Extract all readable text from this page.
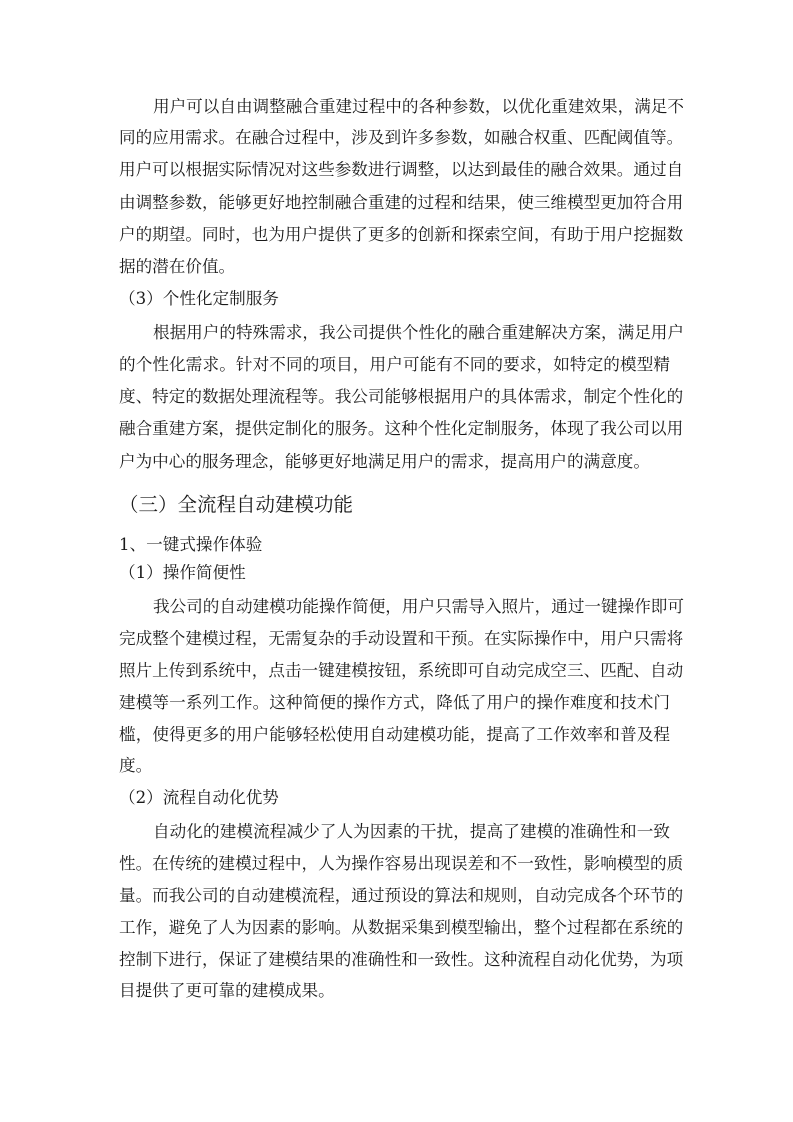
用户可以自由调整融合重建过程中的各种参数，以优化重建效果，满足不
同的应用需求。在融合过程中，涉及到许多参数，如融合权重、匹配阈值等。
用户可以根据实际情况对这些参数进行调整，以达到最佳的融合效果。通过自
由调整参数，能够更好地控制融合重建的过程和结果，使三维模型更加符合用
户的期望。同时，也为用户提供了更多的创新和探索空间，有助于用户挖掘数
据的潜在价值。
（3）个性化定制服务
根据用户的特殊需求，我公司提供个性化的融合重建解决方案，满足用户
的个性化需求。针对不同的项目，用户可能有不同的要求，如特定的模型精
度、特定的数据处理流程等。我公司能够根据用户的具体需求，制定个性化的
融合重建方案，提供定制化的服务。这种个性化定制服务，体现了我公司以用
户为中心的服务理念，能够更好地满足用户的需求，提高用户的满意度。
（三）全流程自动建模功能
1、一键式操作体验
（1）操作简便性
我公司的自动建模功能操作简便，用户只需导入照片，通过一键操作即可
完成整个建模过程，无需复杂的手动设置和干预。在实际操作中，用户只需将
照片上传到系统中，点击一键建模按钮，系统即可自动完成空三、匹配、自动
建模等一系列工作。这种简便的操作方式，降低了用户的操作难度和技术门
槛，使得更多的用户能够轻松使用自动建模功能，提高了工作效率和普及程
度。
（2）流程自动化优势
自动化的建模流程减少了人为因素的干扰，提高了建模的准确性和一致
性。在传统的建模过程中，人为操作容易出现误差和不一致性，影响模型的质
量。而我公司的自动建模流程，通过预设的算法和规则，自动完成各个环节的
工作，避免了人为因素的影响。从数据采集到模型输出，整个过程都在系统的
控制下进行，保证了建模结果的准确性和一致性。这种流程自动化优势，为项
目提供了更可靠的建模成果。
